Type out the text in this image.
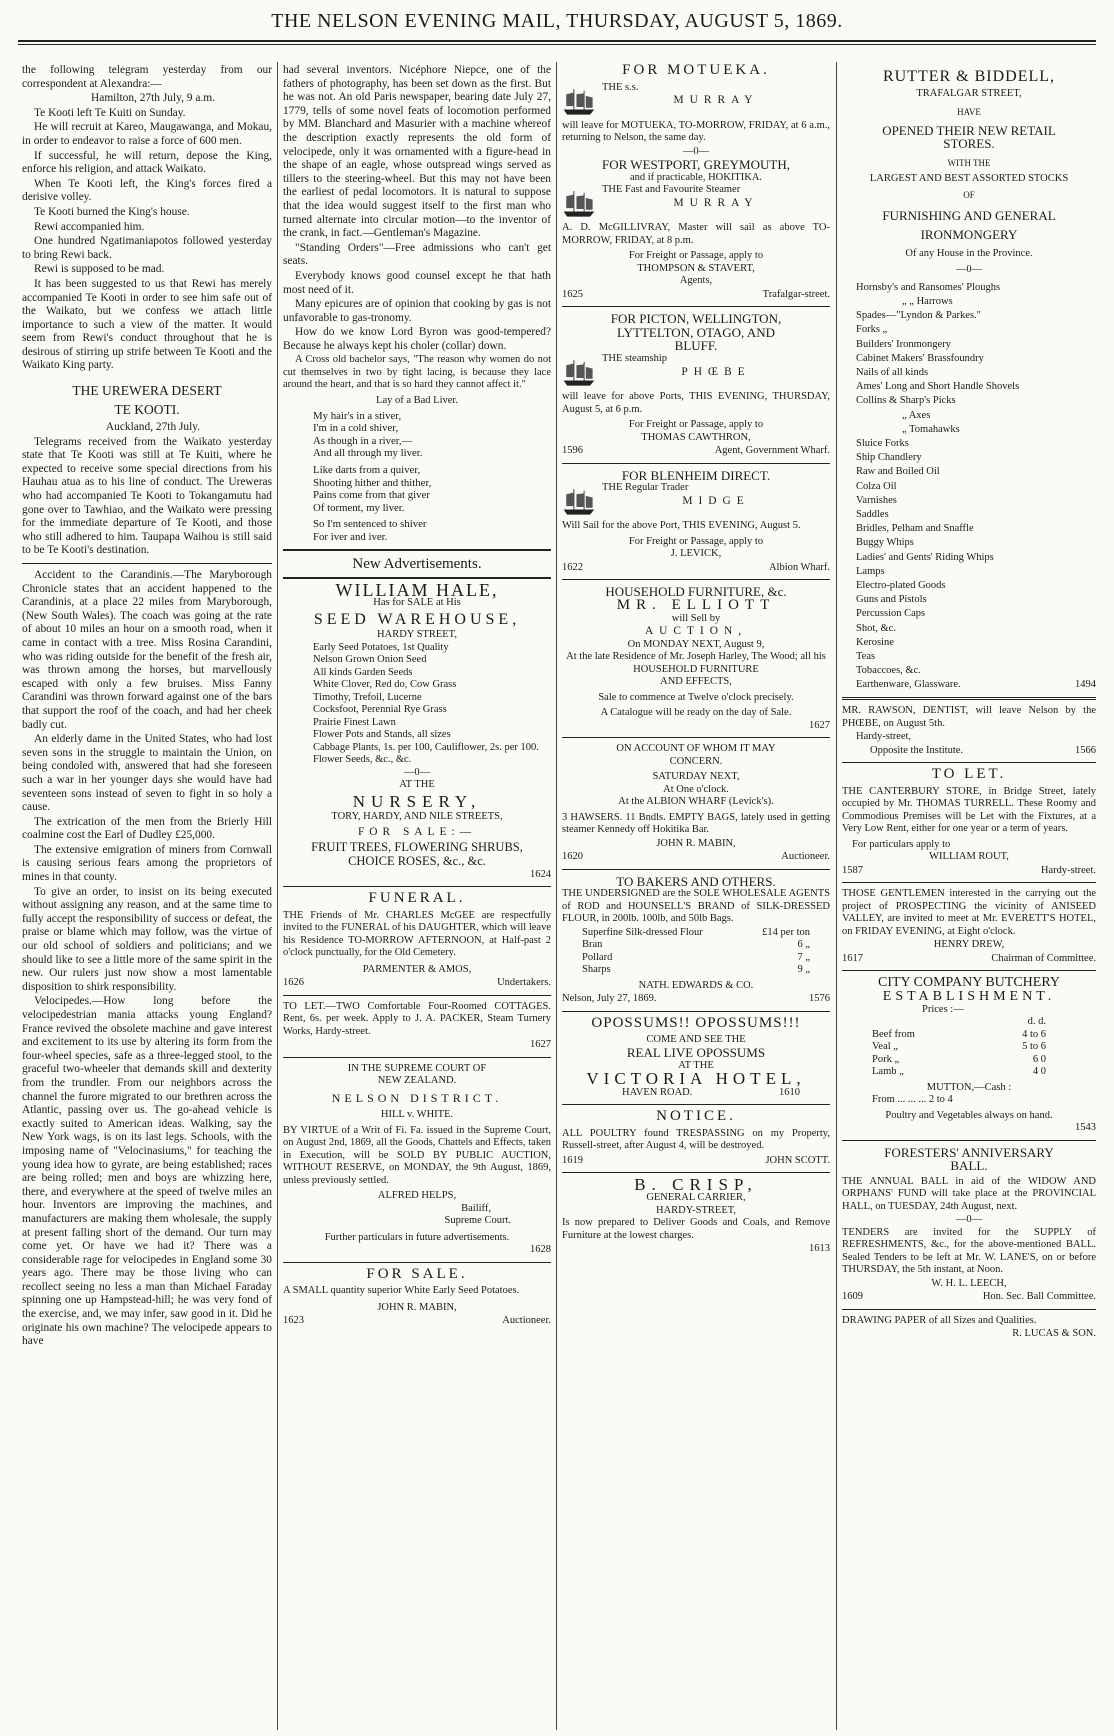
THE NELSON EVENING MAIL, THURSDAY, AUGUST 5, 1869.

the following telegram yesterday from our correspondent at Alexandra:—

Hamilton, 27th July, 9 a.m.

Te Kooti left Te Kuiti on Sunday.

He will recruit at Kareo, Maugawanga, and Mokau, in order to endeavor to raise a force of 600 men.

If successful, he will return, depose the King, enforce his religion, and attack Waikato.

When Te Kooti left, the King's forces fired a derisive volley.

Te Kooti burned the King's house.

Rewi accompanied him.

One hundred Ngatimaniapotos followed yesterday to bring Rewi back.

Rewi is supposed to be mad.

It has been suggested to us that Rewi has merely accompanied Te Kooti in order to see him safe out of the Waikato, but we confess we attach little importance to such a view of the matter. It would seem from Rewi's conduct throughout that he is desirous of stirring up strife between Te Kooti and the Waikato King party.

THE UREWERA DESERT
TE KOOTI.

Auckland, 27th July.

Telegrams received from the Waikato yesterday state that Te Kooti was still at Te Kuiti, where he expected to receive some special directions from his Hauhau atua as to his line of conduct. The Ureweras who had accompanied Te Kooti to Tokangamutu had gone over to Tawhiao, and the Waikato were pressing for the immediate departure of Te Kooti, and those who still adhered to him. Taupapa Waihou is still said to be Te Kooti's destination.

Accident to the Carandinis.—The Maryborough Chronicle states that an accident happened to the Carandinis, at a place 22 miles from Maryborough, (New South Wales). The coach was going at the rate of about 10 miles an hour on a smooth road, when it came in contact with a tree. Miss Rosina Carandini, who was riding outside for the benefit of the fresh air, was thrown among the horses, but marvellously escaped with only a few bruises. Miss Fanny Carandini was thrown forward against one of the bars that support the roof of the coach, and had her cheek badly cut.

An elderly dame in the United States, who had lost seven sons in the struggle to maintain the Union, on being condoled with, answered that had she foreseen such a war in her younger days she would have had seventeen sons instead of seven to fight in so holy a cause.

The extrication of the men from the Brierly Hill coalmine cost the Earl of Dudley £25,000.

The extensive emigration of miners from Cornwall is causing serious fears among the proprietors of mines in that county.

To give an order, to insist on its being executed without assigning any reason, and at the same time to fully accept the responsibility of success or defeat, the praise or blame which may follow, was the virtue of our old school of soldiers and politicians; and we should like to see a little more of the same spirit in the new. Our rulers just now show a most lamentable disposition to shirk responsibility.

Velocipedes.—How long before the velocipedestrian mania attacks young England? France revived the obsolete machine and gave interest and excitement to its use by altering its form from the four-wheel species, safe as a three-legged stool, to the graceful two-wheeler that demands skill and dexterity from the trundler. From our neighbors across the channel the furore migrated to our brethren across the Atlantic, passing over us. The go-ahead vehicle is exactly suited to American ideas. Walking, say the New York wags, is on its last legs. Schools, with the imposing name of "Velocinasiums," for teaching the young idea how to gyrate, are being established; races are being rolled; men and boys are whizzing here, there, and everywhere at the speed of twelve miles an hour. Inventors are improving the machines, and manufacturers are making them wholesale, the supply at present falling short of the demand. Our turn may come yet. Or have we had it? There was a considerable rage for velocipedes in England some 30 years ago. There may be those living who can recollect seeing no less a man than Michael Faraday spinning one up Hampstead-hill; he was very fond of the exercise, and, we may infer, saw good in it. Did he originate his own machine? The velocipede appears to have

had several inventors. Nicéphore Niepce, one of the fathers of photography, has been set down as the first. But he was not. An old Paris newspaper, bearing date July 27, 1779, tells of some novel feats of locomotion performed by MM. Blanchard and Masurier with a machine whereof the description exactly represents the old form of velocipede, only it was ornamented with a figure-head in the shape of an eagle, whose outspread wings served as tillers to the steering-wheel. But this may not have been the earliest of pedal locomotors. It is natural to suppose that the idea would suggest itself to the first man who turned alternate into circular motion—to the inventor of the crank, in fact.—Gentleman's Magazine.

"Standing Orders"—Free admissions who can't get seats.

Everybody knows good counsel except he that hath most need of it.

Many epicures are of opinion that cooking by gas is not unfavorable to gas-tronomy.

How do we know Lord Byron was good-tempered? Because he always kept his choler (collar) down.

A Cross old bachelor says, "The reason why women do not cut themselves in two by tight lacing, is because they lace around the heart, and that is so hard they cannot affect it."

Lay of a Bad Liver.
My hair's in a stiver,
I'm in a cold shiver,
As though in a river,—
And all through my liver.
Like darts from a quiver,
Shooting hither and thither,
Pains come from that giver
Of torment, my liver.
So I'm sentenced to shiver
For iver and iver.
New Advertisements.
WILLIAM HALE,
Has for SALE at His
SEED WAREHOUSE,
HARDY STREET,
Early Seed Potatoes, 1st Quality
Nelson Grown Onion Seed
All kinds Garden Seeds
White Clover, Red do, Cow Grass
Timothy, Trefoil, Lucerne
Cocksfoot, Perennial Rye Grass
Prairie Finest Lawn
Flower Pots and Stands, all sizes
Cabbage Plants, 1s. per 100, Cauliflower, 2s. per 100.
Flower Seeds, &c., &c.
—0—
AT THE
NURSERY,
TORY, HARDY, AND NILE STREETS,
FOR SALE:—
FRUIT TREES, FLOWERING SHRUBS,
CHOICE ROSES, &c., &c.
1624
FUNERAL.

THE Friends of Mr. CHARLES McGEE are respectfully invited to the FUNERAL of his DAUGHTER, which will leave his Residence TO-MORROW AFTERNOON, at Half-past 2 o'clock punctually, for the Old Cemetery.

PARMENTER & AMOS,
1626	Undertakers.

TO LET.—TWO Comfortable Four-Roomed COTTAGES. Rent, 6s. per week. Apply to J. A. PACKER, Steam Turnery Works, Hardy-street.

1627
IN THE SUPREME COURT OF
NEW ZEALAND.
NELSON DISTRICT.
HILL v. WHITE.

BY VIRTUE of a Writ of Fi. Fa. issued in the Supreme Court, on August 2nd, 1869, all the Goods, Chattels and Effects, taken in Execution, will be SOLD BY PUBLIC AUCTION, WITHOUT RESERVE, on MONDAY, the 9th August, 1869, unless previously settled.

ALFRED HELPS,
Bailiff,
Supreme Court.
Further particulars in future advertisements.
1628
FOR SALE.

A SMALL quantity superior White Early Seed Potatoes.

JOHN R. MABIN,
1623	Auctioneer.
FOR MOTUEKA.
THE s.s.
MURRAY

will leave for MOTUEKA, TO-MORROW, FRIDAY, at 6 a.m., returning to Nelson, the same day.

—0—
FOR WESTPORT, GREYMOUTH,
and if practicable, HOKITIKA.
THE Fast and Favourite Steamer
MURRAY

A. D. McGILLIVRAY, Master will sail as above TO-MORROW, FRIDAY, at 8 p.m.

For Freight or Passage, apply to
THOMPSON & STAVERT,
Agents,
1625	Trafalgar-street.
FOR PICTON, WELLINGTON,
LYTTELTON, OTAGO, AND
BLUFF.
THE steamship
PHŒBE

will leave for above Ports, THIS EVENING, THURSDAY, August 5, at 6 p.m.

For Freight or Passage, apply to
THOMAS CAWTHRON,
1596	Agent, Government Wharf.
FOR BLENHEIM DIRECT.
THE Regular Trader
MIDGE

Will Sail for the above Port, THIS EVENING, August 5.

For Freight or Passage, apply to
J. LEVICK,
1622	Albion Wharf.
HOUSEHOLD FURNITURE, &c.
MR. ELLIOTT
will Sell by
AUCTION,
On MONDAY NEXT, August 9,
At the late Residence of Mr. Joseph Harley, The Wood; all his
HOUSEHOLD FURNITURE
AND EFFECTS,
Sale to commence at Twelve o'clock precisely.
A Catalogue will be ready on the day of Sale.
1627
ON ACCOUNT OF WHOM IT MAY
CONCERN.
SATURDAY NEXT,
At One o'clock.
At the ALBION WHARF (Levick's).

3 HAWSERS. 11 Bndls. EMPTY BAGS, lately used in getting steamer Kennedy off Hokitika Bar.

JOHN R. MABIN,
1620	Auctioneer.
TO BAKERS AND OTHERS.

THE UNDERSIGNED are the SOLE WHOLESALE AGENTS of ROD and HOUNSELL'S BRAND of SILK-DRESSED FLOUR, in 200lb. 100lb, and 50lb Bags.

Superfine Silk-dressed Flour	£14 per ton
Bran	6 „
Pollard	7 „
Sharps	9 „
NATH. EDWARDS & CO.
Nelson, July 27, 1869.	1576
OPOSSUMS!! OPOSSUMS!!!
COME AND SEE THE
REAL LIVE OPOSSUMS
AT THE
VICTORIA HOTEL,
HAVEN ROAD.	1610
NOTICE.

ALL POULTRY found TRESPASSING on my Property, Russell-street, after August 4, will be destroyed.

1619	JOHN SCOTT.
B. CRISP,
GENERAL CARRIER,
HARDY-STREET,

Is now prepared to Deliver Goods and Coals, and Remove Furniture at the lowest charges.

1613
RUTTER & BIDDELL,
TRAFALGAR STREET,
HAVE
OPENED THEIR NEW RETAIL
STORES.
WITH THE
LARGEST AND BEST ASSORTED STOCKS
OF
FURNISHING AND GENERAL
IRONMONGERY
Of any House in the Province.
—0—
Hornsby's and Ransomes' Ploughs
„ „ Harrows
Spades—"Lyndon & Parkes."
Forks „
Builders' Ironmongery
Cabinet Makers' Brassfoundry
Nails of all kinds
Ames' Long and Short Handle Shovels
Collins & Sharp's Picks
„ Axes
„ Tomahawks
Sluice Forks
Ship Chandlery
Raw and Boiled Oil
Colza Oil
Varnishes
Saddles
Bridles, Pelham and Snaffle
Buggy Whips
Ladies' and Gents' Riding Whips
Lamps
Electro-plated Goods
Guns and Pistols
Percussion Caps
Shot, &c.
Kerosine
Teas
Tobaccoes, &c.
Earthenware, Glassware.	1494

MR. RAWSON, DENTIST, will leave Nelson by the PHŒBE, on August 5th.

Hardy-street,
Opposite the Institute.	1566
TO LET.

THE CANTERBURY STORE, in Bridge Street, lately occupied by Mr. THOMAS TURRELL. These Roomy and Commodious Premises will be Let with the Fixtures, at a Very Low Rent, either for one year or a term of years.

For particulars apply to
WILLIAM ROUT,
1587	Hardy-street.

THOSE GENTLEMEN interested in the carrying out the project of PROSPECTING the vicinity of ANISEED VALLEY, are invited to meet at Mr. EVERETT'S HOTEL, on FRIDAY EVENING, at Eight o'clock.

HENRY DREW,
1617	Chairman of Committee.
CITY COMPANY BUTCHERY
ESTABLISHMENT.
Prices :—
d. d.
Beef from	4 to 6
Veal „	5 to 6
Pork „	6 0
Lamb „	4 0
MUTTON,—Cash :
From ... ... ... 2 to 4
Poultry and Vegetables always on hand.
1543
FORESTERS' ANNIVERSARY
BALL.

THE ANNUAL BALL in aid of the WIDOW AND ORPHANS' FUND will take place at the PROVINCIAL HALL, on TUESDAY, 24th August, next.

—0—

TENDERS are invited for the SUPPLY of REFRESHMENTS, &c., for the above-mentioned BALL. Sealed Tenders to be left at Mr. W. LANE'S, on or before THURSDAY, the 5th instant, at Noon.

W. H. L. LEECH,
1609	Hon. Sec. Ball Committee.

DRAWING PAPER of all Sizes and Qualities.

R. LUCAS & SON.
